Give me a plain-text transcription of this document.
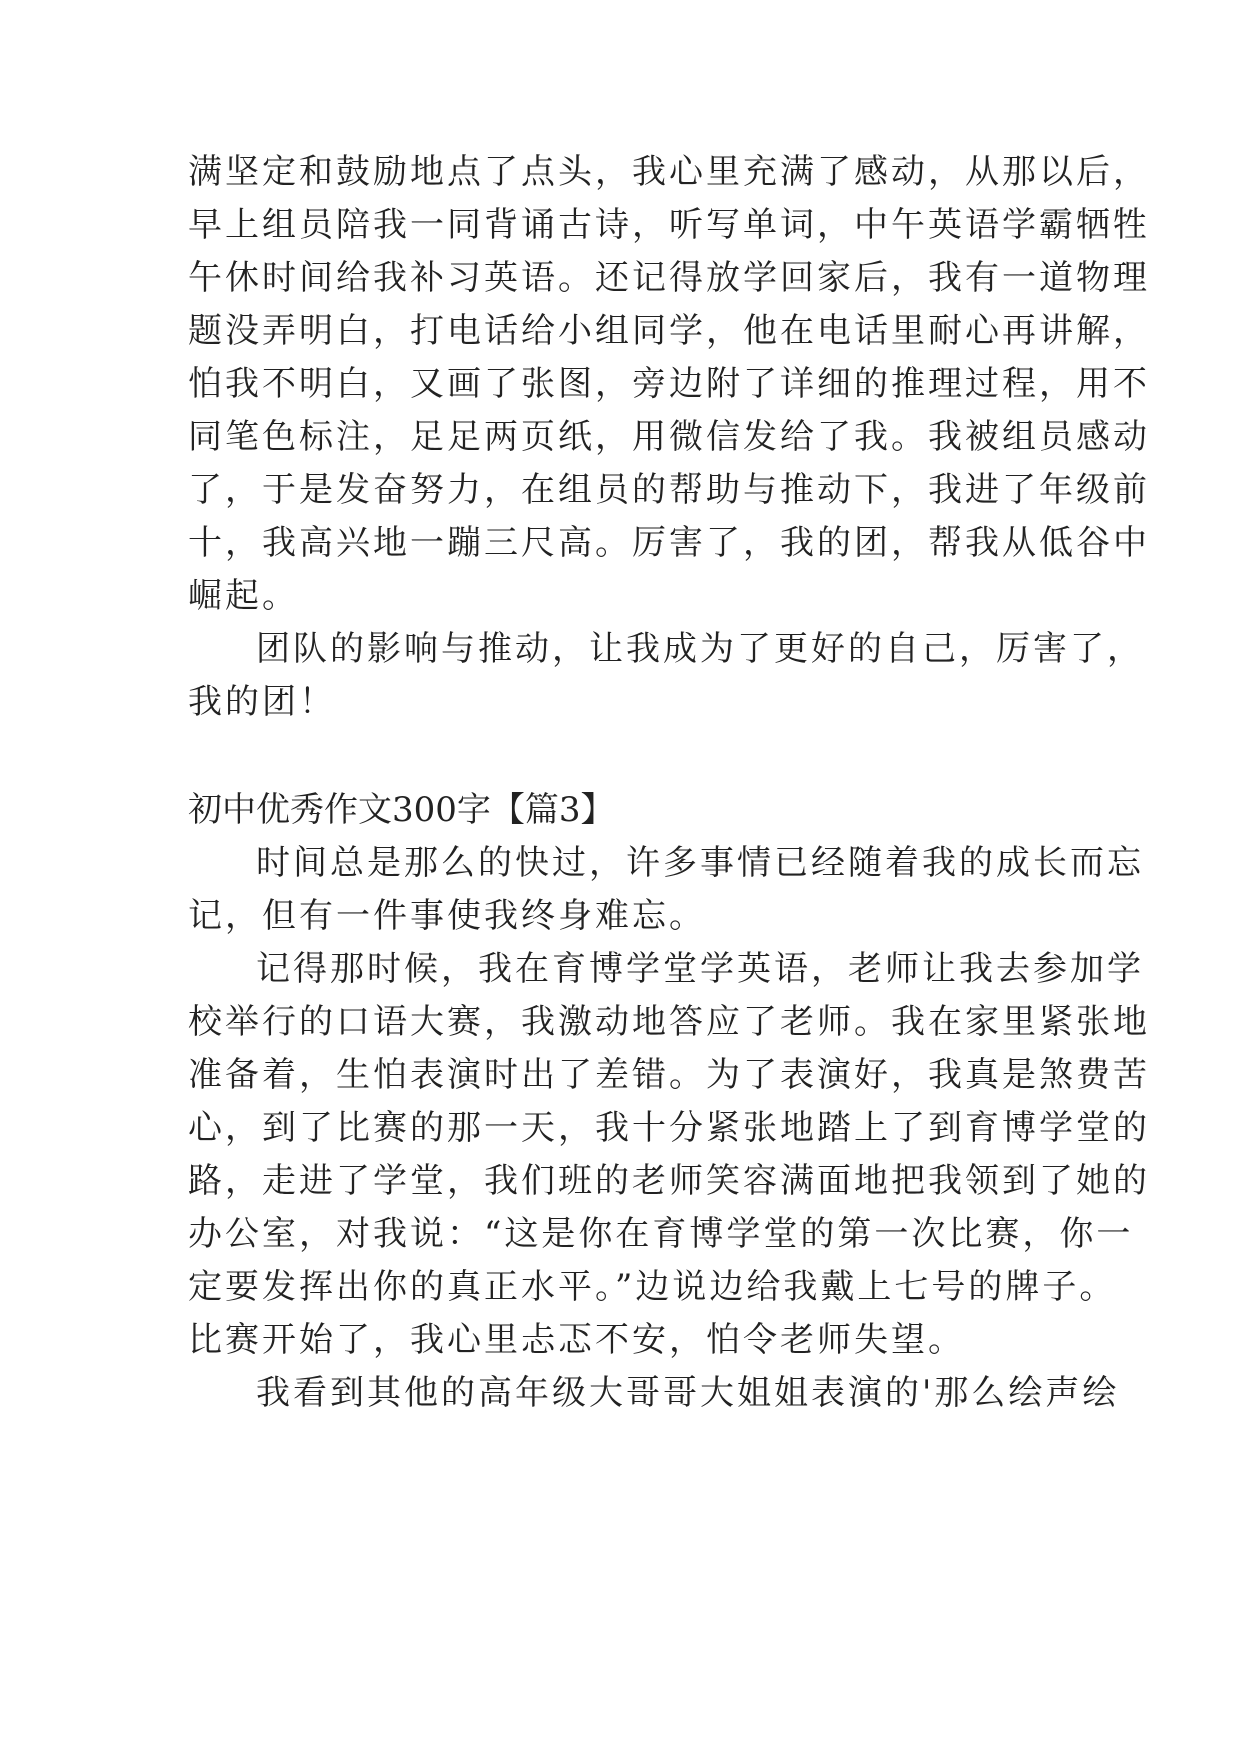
满坚定和鼓励地点了点头，我心里充满了感动，从那以后，
早上组员陪我一同背诵古诗，听写单词，中午英语学霸牺牲
午休时间给我补习英语。还记得放学回家后，我有一道物理
题没弄明白，打电话给小组同学，他在电话里耐心再讲解，
怕我不明白，又画了张图，旁边附了详细的推理过程，用不
同笔色标注，足足两页纸，用微信发给了我。我被组员感动
了，于是发奋努力，在组员的帮助与推动下，我进了年级前
十，我高兴地一蹦三尺高。厉害了，我的团，帮我从低谷中
崛起。
团队的影响与推动，让我成为了更好的自己，厉害了，
我的团！
初中优秀作文300字【篇3】
时间总是那么的快过，许多事情已经随着我的成长而忘
记，但有一件事使我终身难忘。
记得那时候，我在育博学堂学英语，老师让我去参加学
校举行的口语大赛，我激动地答应了老师。我在家里紧张地
准备着，生怕表演时出了差错。为了表演好，我真是煞费苦
心，到了比赛的那一天，我十分紧张地踏上了到育博学堂的
路，走进了学堂，我们班的老师笑容满面地把我领到了她的
办公室，对我说：“这是你在育博学堂的第一次比赛，你一
定要发挥出你的真正水平。”边说边给我戴上七号的牌子。
比赛开始了，我心里忐忑不安，怕令老师失望。
我看到其他的高年级大哥哥大姐姐表演的'那么绘声绘
